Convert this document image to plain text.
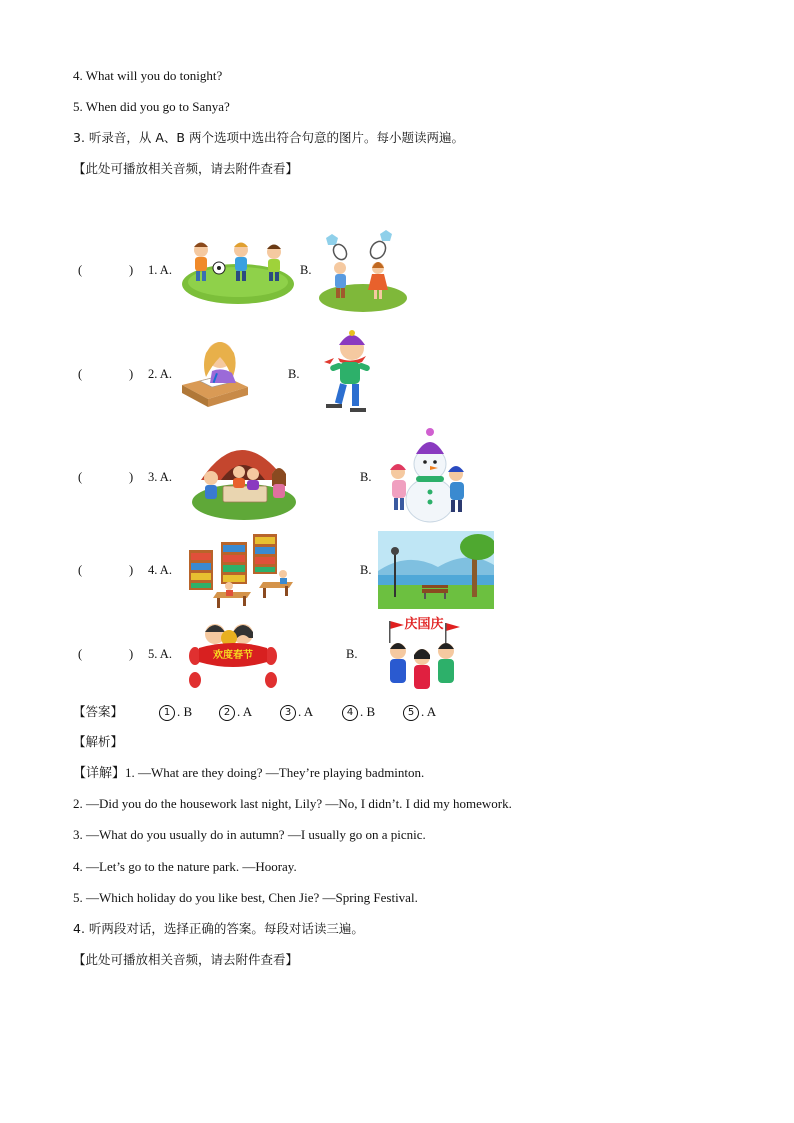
4. What will you do tonight?
5. When did you go to Sanya?
3. 听录音，从 A、B 两个选项中选出符合句意的图片。每小题读两遍。
【此处可播放相关音频，请去附件查看】
(	) 1. A.	B.
(	) 2. A.	B.
(	) 3. A.	B.
(	) 4. A.	B.
(	) 5. A.	欢度春节	B.
庆国庆
【答案】	1 . B	2 . A	3 . A	4 . B	5 . A
【解析】
【详解】1. —What are they doing? —They’re playing badminton.
2. —Did you do the housework last night, Lily? —No, I didn’t. I did my homework.
3. —What do you usually do in autumn? —I usually go on a picnic.
4. —Let’s go to the nature park. —Hooray.
5. —Which holiday do you like best, Chen Jie? —Spring Festival.
4. 听两段对话，选择正确的答案。每段对话读三遍。
【此处可播放相关音频，请去附件查看】
